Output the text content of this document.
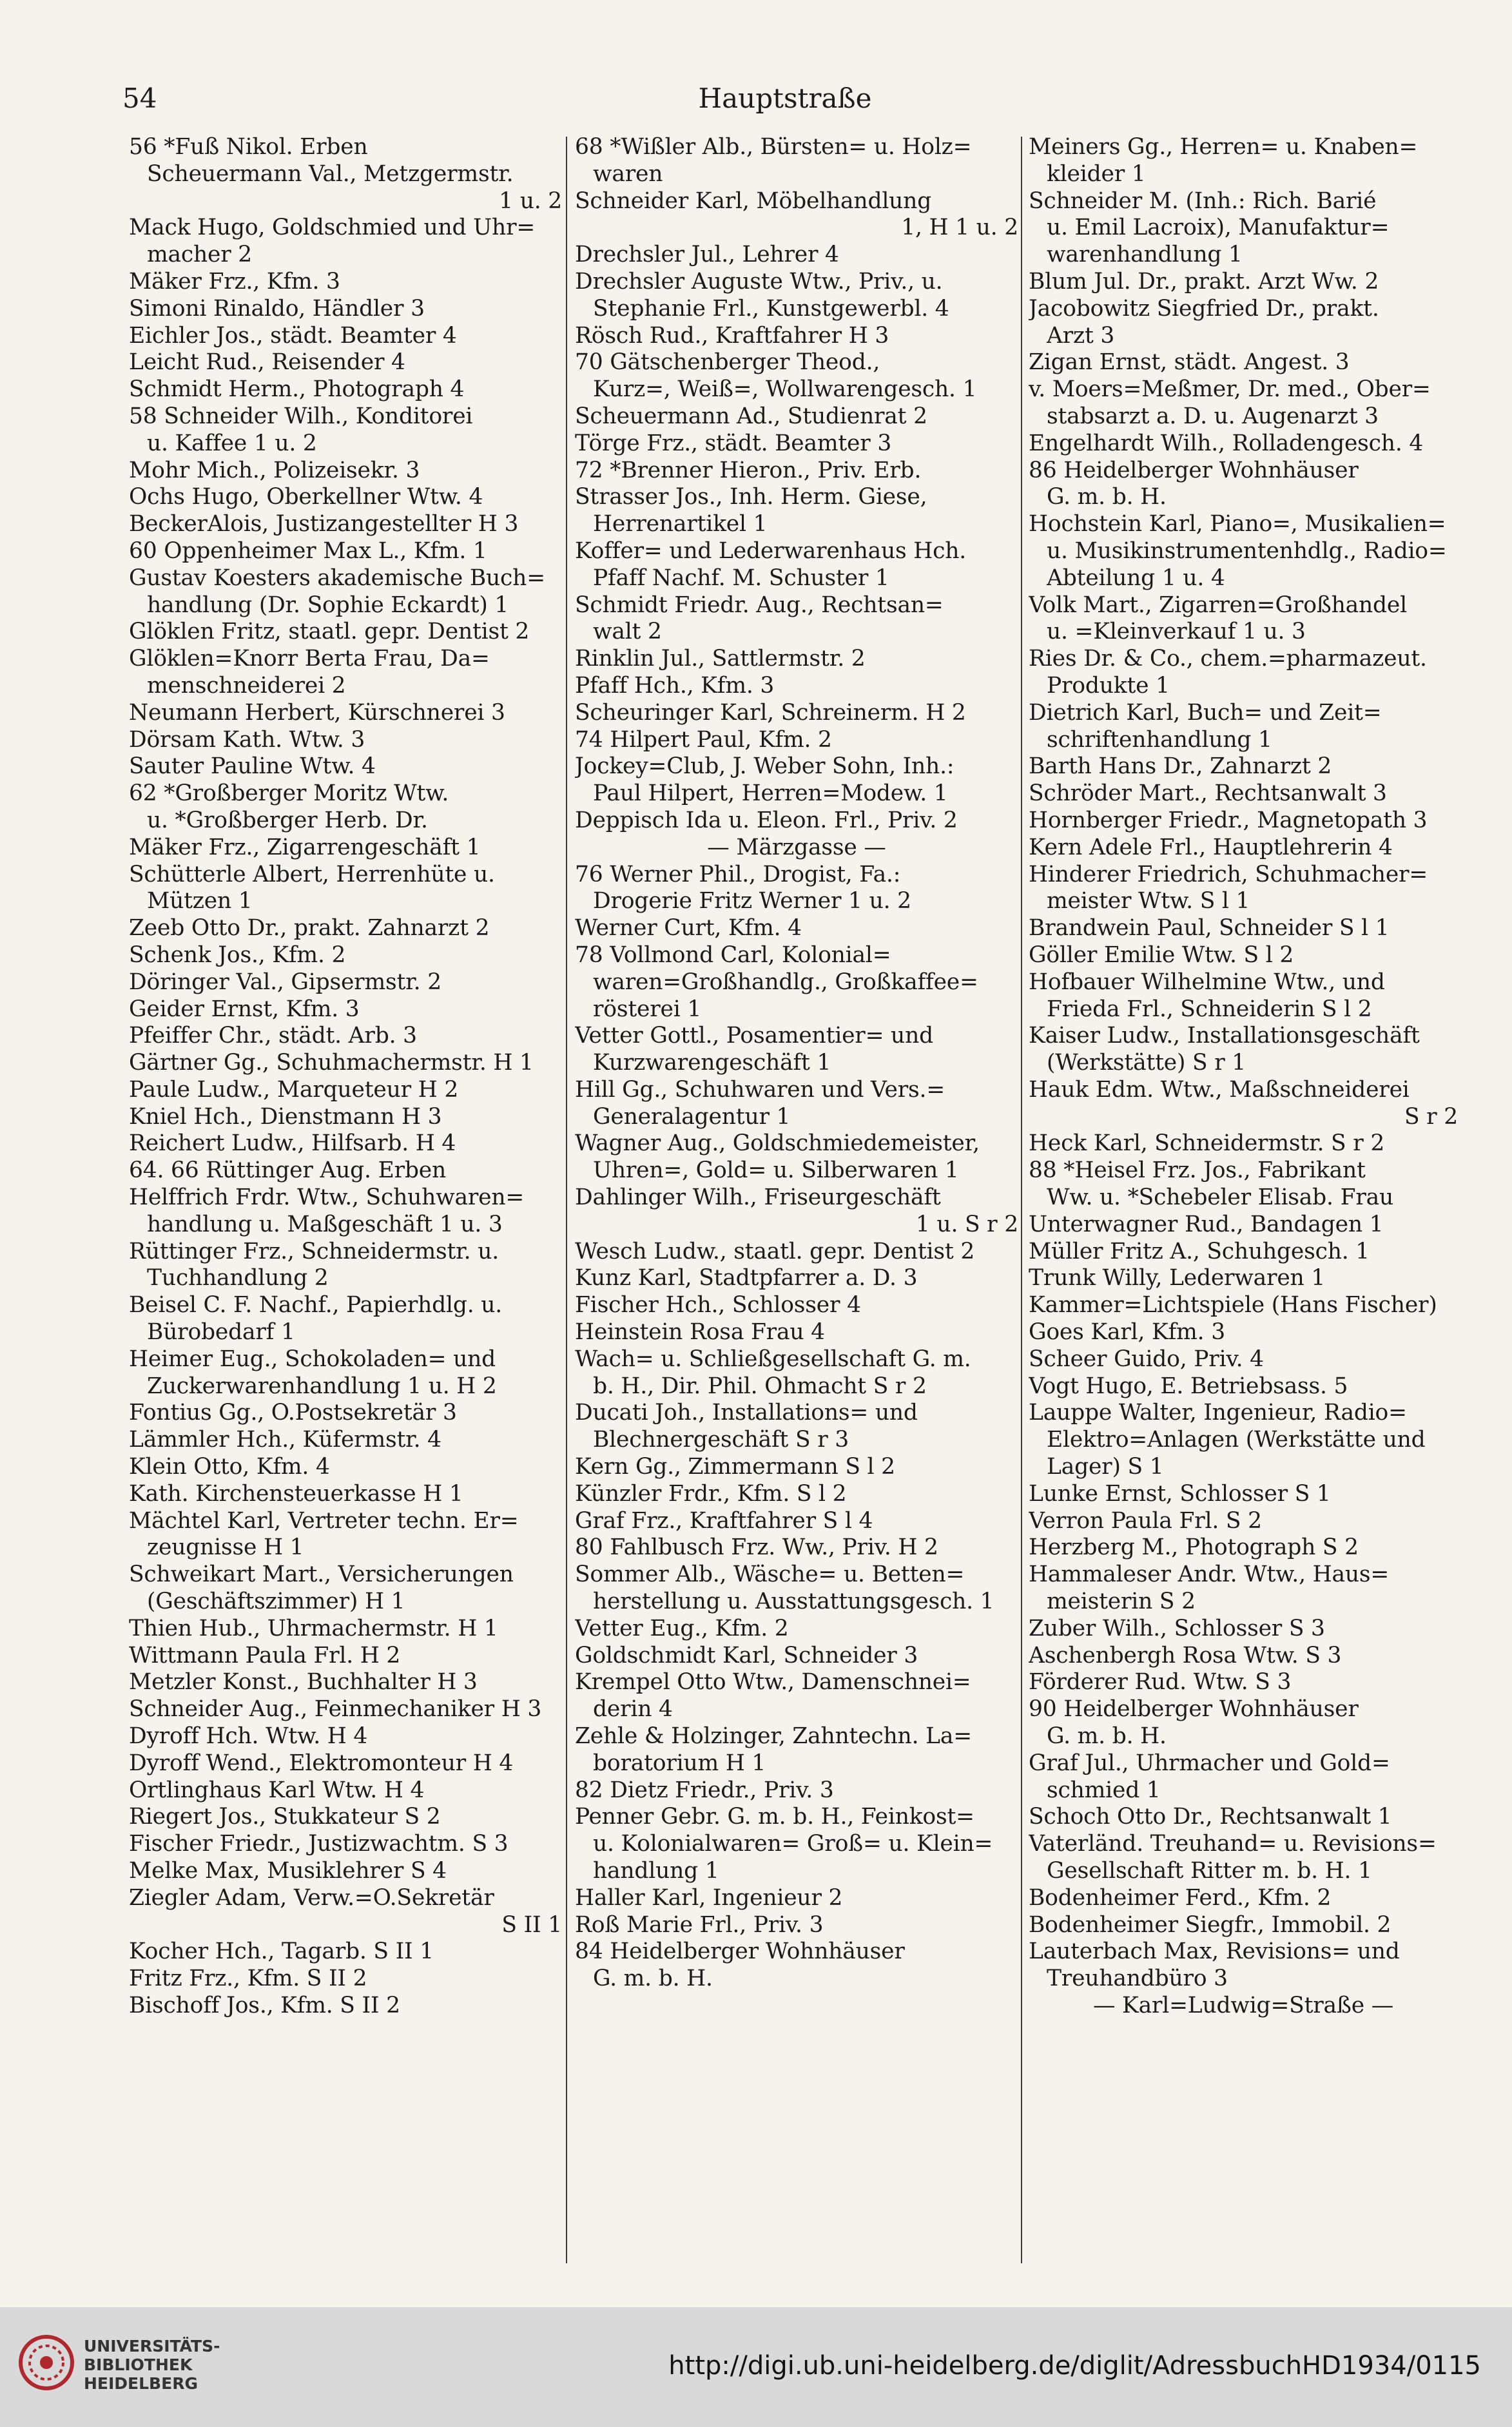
54	Hauptstraße
56 *Fuß Nikol. Erben
Scheuermann Val., Metzgermstr.
1 u. 2
Mack Hugo, Goldschmied und Uhr=
macher 2
Mäker Frz., Kfm. 3
Simoni Rinaldo, Händler 3
Eichler Jos., städt. Beamter 4
Leicht Rud., Reisender 4
Schmidt Herm., Photograph 4
58 Schneider Wilh., Konditorei
u. Kaffee 1 u. 2
Mohr Mich., Polizeisekr. 3
Ochs Hugo, Oberkellner Wtw. 4
BeckerAlois, Justizangestellter H 3
60 Oppenheimer Max L., Kfm. 1
Gustav Koesters akademische Buch=
handlung (Dr. Sophie Eckardt) 1
Glöklen Fritz, staatl. gepr. Dentist 2
Glöklen=Knorr Berta Frau, Da=
menschneiderei 2
Neumann Herbert, Kürschnerei 3
Dörsam Kath. Wtw. 3
Sauter Pauline Wtw. 4
62 *Großberger Moritz Wtw.
u. *Großberger Herb. Dr.
Mäker Frz., Zigarrengeschäft 1
Schütterle Albert, Herrenhüte u.
Mützen 1
Zeeb Otto Dr., prakt. Zahnarzt 2
Schenk Jos., Kfm. 2
Döringer Val., Gipsermstr. 2
Geider Ernst, Kfm. 3
Pfeiffer Chr., städt. Arb. 3
Gärtner Gg., Schuhmachermstr. H 1
Paule Ludw., Marqueteur H 2
Kniel Hch., Dienstmann H 3
Reichert Ludw., Hilfsarb. H 4
64. 66 Rüttinger Aug. Erben
Helffrich Frdr. Wtw., Schuhwaren=
handlung u. Maßgeschäft 1 u. 3
Rüttinger Frz., Schneidermstr. u.
Tuchhandlung 2
Beisel C. F. Nachf., Papierhdlg. u.
Bürobedarf 1
Heimer Eug., Schokoladen= und
Zuckerwarenhandlung 1 u. H 2
Fontius Gg., O.Postsekretär 3
Lämmler Hch., Küfermstr. 4
Klein Otto, Kfm. 4
Kath. Kirchensteuerkasse H 1
Mächtel Karl, Vertreter techn. Er=
zeugnisse H 1
Schweikart Mart., Versicherungen
(Geschäftszimmer) H 1
Thien Hub., Uhrmachermstr. H 1
Wittmann Paula Frl. H 2
Metzler Konst., Buchhalter H 3
Schneider Aug., Feinmechaniker H 3
Dyroff Hch. Wtw. H 4
Dyroff Wend., Elektromonteur H 4
Ortlinghaus Karl Wtw. H 4
Riegert Jos., Stukkateur S 2
Fischer Friedr., Justizwachtm. S 3
Melke Max, Musiklehrer S 4
Ziegler Adam, Verw.=O.Sekretär
S II 1
Kocher Hch., Tagarb. S II 1
Fritz Frz., Kfm. S II 2
Bischoff Jos., Kfm. S II 2
68 *Wißler Alb., Bürsten= u. Holz=
waren
Schneider Karl, Möbelhandlung
1, H 1 u. 2
Drechsler Jul., Lehrer 4
Drechsler Auguste Wtw., Priv., u.
Stephanie Frl., Kunstgewerbl. 4
Rösch Rud., Kraftfahrer H 3
70 Gätschenberger Theod.,
Kurz=, Weiß=, Wollwarengesch. 1
Scheuermann Ad., Studienrat 2
Törge Frz., städt. Beamter 3
72 *Brenner Hieron., Priv. Erb.
Strasser Jos., Inh. Herm. Giese,
Herrenartikel 1
Koffer= und Lederwarenhaus Hch.
Pfaff Nachf. M. Schuster 1
Schmidt Friedr. Aug., Rechtsan=
walt 2
Rinklin Jul., Sattlermstr. 2
Pfaff Hch., Kfm. 3
Scheuringer Karl, Schreinerm. H 2
74 Hilpert Paul, Kfm. 2
Jockey=Club, J. Weber Sohn, Inh.:
Paul Hilpert, Herren=Modew. 1
Deppisch Ida u. Eleon. Frl., Priv. 2
— Märzgasse —
76 Werner Phil., Drogist, Fa.:
Drogerie Fritz Werner 1 u. 2
Werner Curt, Kfm. 4
78 Vollmond Carl, Kolonial=
waren=Großhandlg., Großkaffee=
rösterei 1
Vetter Gottl., Posamentier= und
Kurzwarengeschäft 1
Hill Gg., Schuhwaren und Vers.=
Generalagentur 1
Wagner Aug., Goldschmiedemeister,
Uhren=, Gold= u. Silberwaren 1
Dahlinger Wilh., Friseurgeschäft
1 u. S r 2
Wesch Ludw., staatl. gepr. Dentist 2
Kunz Karl, Stadtpfarrer a. D. 3
Fischer Hch., Schlosser 4
Heinstein Rosa Frau 4
Wach= u. Schließgesellschaft G. m.
b. H., Dir. Phil. Ohmacht S r 2
Ducati Joh., Installations= und
Blechnergeschäft S r 3
Kern Gg., Zimmermann S l 2
Künzler Frdr., Kfm. S l 2
Graf Frz., Kraftfahrer S l 4
80 Fahlbusch Frz. Ww., Priv. H 2
Sommer Alb., Wäsche= u. Betten=
herstellung u. Ausstattungsgesch. 1
Vetter Eug., Kfm. 2
Goldschmidt Karl, Schneider 3
Krempel Otto Wtw., Damenschnei=
derin 4
Zehle & Holzinger, Zahntechn. La=
boratorium H 1
82 Dietz Friedr., Priv. 3
Penner Gebr. G. m. b. H., Feinkost=
u. Kolonialwaren= Groß= u. Klein=
handlung 1
Haller Karl, Ingenieur 2
Roß Marie Frl., Priv. 3
84 Heidelberger Wohnhäuser
G. m. b. H.
Meiners Gg., Herren= u. Knaben=
kleider 1
Schneider M. (Inh.: Rich. Barié
u. Emil Lacroix), Manufaktur=
warenhandlung 1
Blum Jul. Dr., prakt. Arzt Ww. 2
Jacobowitz Siegfried Dr., prakt.
Arzt 3
Zigan Ernst, städt. Angest. 3
v. Moers=Meßmer, Dr. med., Ober=
stabsarzt a. D. u. Augenarzt 3
Engelhardt Wilh., Rolladengesch. 4
86 Heidelberger Wohnhäuser
G. m. b. H.
Hochstein Karl, Piano=, Musikalien=
u. Musikinstrumentenhdlg., Radio=
Abteilung 1 u. 4
Volk Mart., Zigarren=Großhandel
u. =Kleinverkauf 1 u. 3
Ries Dr. & Co., chem.=pharmazeut.
Produkte 1
Dietrich Karl, Buch= und Zeit=
schriftenhandlung 1
Barth Hans Dr., Zahnarzt 2
Schröder Mart., Rechtsanwalt 3
Hornberger Friedr., Magnetopath 3
Kern Adele Frl., Hauptlehrerin 4
Hinderer Friedrich, Schuhmacher=
meister Wtw. S l 1
Brandwein Paul, Schneider S l 1
Göller Emilie Wtw. S l 2
Hofbauer Wilhelmine Wtw., und
Frieda Frl., Schneiderin S l 2
Kaiser Ludw., Installationsgeschäft
(Werkstätte) S r 1
Hauk Edm. Wtw., Maßschneiderei
S r 2
Heck Karl, Schneidermstr. S r 2
88 *Heisel Frz. Jos., Fabrikant
Ww. u. *Schebeler Elisab. Frau
Unterwagner Rud., Bandagen 1
Müller Fritz A., Schuhgesch. 1
Trunk Willy, Lederwaren 1
Kammer=Lichtspiele (Hans Fischer)
Goes Karl, Kfm. 3
Scheer Guido, Priv. 4
Vogt Hugo, E. Betriebsass. 5
Lauppe Walter, Ingenieur, Radio=
Elektro=Anlagen (Werkstätte und
Lager) S 1
Lunke Ernst, Schlosser S 1
Verron Paula Frl. S 2
Herzberg M., Photograph S 2
Hammaleser Andr. Wtw., Haus=
meisterin S 2
Zuber Wilh., Schlosser S 3
Aschenbergh Rosa Wtw. S 3
Förderer Rud. Wtw. S 3
90 Heidelberger Wohnhäuser
G. m. b. H.
Graf Jul., Uhrmacher und Gold=
schmied 1
Schoch Otto Dr., Rechtsanwalt 1
Vaterländ. Treuhand= u. Revisions=
Gesellschaft Ritter m. b. H. 1
Bodenheimer Ferd., Kfm. 2
Bodenheimer Siegfr., Immobil. 2
Lauterbach Max, Revisions= und
Treuhandbüro 3
— Karl=Ludwig=Straße —
UNIVERSITÄTS-
BIBLIOTHEK
HEIDELBERG
http://digi.ub.uni-heidelberg.de/diglit/AdressbuchHD1934/0115
